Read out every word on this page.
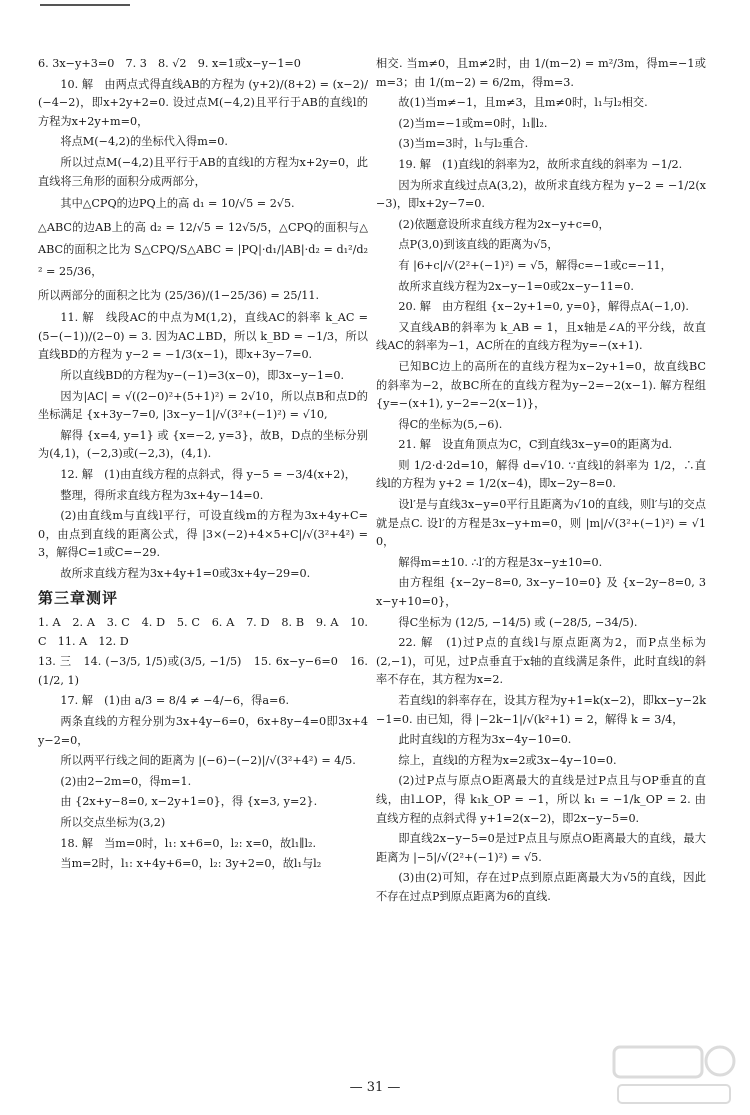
6. 3x−y+3=0　7. 3　8. √2　9. x=1或x−y−1=0

10. 解　由两点式得直线AB的方程为 (y+2)/(8+2) = (x−2)/(−4−2)，即x+2y+2=0. 设过点M(−4,2)且平行于AB的直线l的方程为x+2y+m=0，

将点M(−4,2)的坐标代入得m=0.

所以过点M(−4,2)且平行于AB的直线l的方程为x+2y=0，此直线将三角形的面积分成两部分，

其中△CPQ的边PQ上的高 d₁ = 10/√5 = 2√5.

△ABC的边AB上的高 d₂ = 12/√5 = 12√5/5，△CPQ的面积与△ABC的面积之比为 S△CPQ/S△ABC = |PQ|·d₁/|AB|·d₂ = d₁²/d₂² = 25/36，

所以两部分的面积之比为 (25/36)/(1−25/36) = 25/11.

11. 解　线段AC的中点为M(1,2)，直线AC的斜率 k_AC = (5−(−1))/(2−0) = 3. 因为AC⊥BD，所以 k_BD = −1/3，所以直线BD的方程为 y−2 = −1/3(x−1)，即x+3y−7=0.

所以直线BD的方程为y−(−1)=3(x−0)，即3x−y−1=0.

因为|AC| = √((2−0)²+(5+1)²) = 2√10，所以点B和点D的坐标满足 {x+3y−7=0, |3x−y−1|/√(3²+(−1)²) = √10,

解得 {x=4, y=1} 或 {x=−2, y=3}，故B，D点的坐标分别为(4,1)，(−2,3)或(−2,3)，(4,1).

12. 解　(1)由直线方程的点斜式，得 y−5 = −3/4(x+2)，

整理，得所求直线方程为3x+4y−14=0.

(2)由直线m与直线l平行，可设直线m的方程为3x+4y+C=0，由点到直线的距离公式，得 |3×(−2)+4×5+C|/√(3²+4²) = 3，解得C=1或C=−29.

故所求直线方程为3x+4y+1=0或3x+4y−29=0.

第三章测评

1. A　2. A　3. C　4. D　5. C　6. A　7. D　8. B　9. A　10. C　11. A　12. D

13. 三　14. (−3/5, 1/5)或(3/5, −1/5)　15. 6x−y−6=0　16. (1/2, 1)

17. 解　(1)由 a/3 = 8/4 ≠ −4/−6，得a=6.

两条直线的方程分别为3x+4y−6=0，6x+8y−4=0即3x+4y−2=0，

所以两平行线之间的距离为 |(−6)−(−2)|/√(3²+4²) = 4/5.

(2)由2−2m=0，得m=1.

由 {2x+y−8=0, x−2y+1=0}，得 {x=3, y=2}.

所以交点坐标为(3,2)

18. 解　当m=0时，l₁: x+6=0，l₂: x=0，故l₁∥l₂.

当m=2时，l₁: x+4y+6=0，l₂: 3y+2=0，故l₁与l₂

相交. 当m≠0，且m≠2时，由 1/(m−2) = m²/3m，得m=−1或m=3；由 1/(m−2) = 6/2m，得m=3.

故(1)当m≠−1，且m≠3，且m≠0时，l₁与l₂相交.

(2)当m=−1或m=0时，l₁∥l₂.

(3)当m=3时，l₁与l₂重合.

19. 解　(1)直线l的斜率为2，故所求直线的斜率为 −1/2.

因为所求直线过点A(3,2)，故所求直线方程为 y−2 = −1/2(x−3)，即x+2y−7=0.

(2)依题意设所求直线方程为2x−y+c=0，

点P(3,0)到该直线的距离为√5，

有 |6+c|/√(2²+(−1)²) = √5，解得c=−1或c=−11，

故所求直线方程为2x−y−1=0或2x−y−11=0.

20. 解　由方程组 {x−2y+1=0, y=0}，解得点A(−1,0).

又直线AB的斜率为 k_AB = 1，且x轴是∠A的平分线，故直线AC的斜率为−1，AC所在的直线方程为y=−(x+1).

已知BC边上的高所在的直线方程为x−2y+1=0，故直线BC的斜率为−2，故BC所在的直线方程为y−2=−2(x−1). 解方程组 {y=−(x+1), y−2=−2(x−1)}，

得C的坐标为(5,−6).

21. 解　设直角顶点为C，C到直线3x−y=0的距离为d.

则 1/2·d·2d=10，解得 d=√10. ∵直线l的斜率为 1/2，∴直线l的方程为 y+2 = 1/2(x−4)，即x−2y−8=0.

设l′是与直线3x−y=0平行且距离为√10的直线，则l′与l的交点就是点C. 设l′的方程是3x−y+m=0，则 |m|/√(3²+(−1)²) = √10，

解得m=±10. ∴l′的方程是3x−y±10=0.

由方程组 {x−2y−8=0, 3x−y−10=0} 及 {x−2y−8=0, 3x−y+10=0}，

得C坐标为 (12/5, −14/5) 或 (−28/5, −34/5).

22. 解　(1)过P点的直线l与原点距离为2，而P点坐标为(2,−1)，可见，过P点垂直于x轴的直线满足条件，此时直线l的斜率不存在，其方程为x=2.

若直线l的斜率存在，设其方程为y+1=k(x−2)，即kx−y−2k−1=0. 由已知，得 |−2k−1|/√(k²+1) = 2，解得 k = 3/4，

此时直线l的方程为3x−4y−10=0.

综上，直线l的方程为x=2或3x−4y−10=0.

(2)过P点与原点O距离最大的直线是过P点且与OP垂直的直线，由l⊥OP，得 k₁k_OP = −1，所以 k₁ = −1/k_OP = 2. 由直线方程的点斜式得 y+1=2(x−2)，即2x−y−5=0.

即直线2x−y−5=0是过P点且与原点O距离最大的直线，最大距离为 |−5|/√(2²+(−1)²) = √5.

(3)由(2)可知，存在过P点到原点距离最大为√5的直线，因此不存在过点P到原点距离为6的直线.

— 31 —
